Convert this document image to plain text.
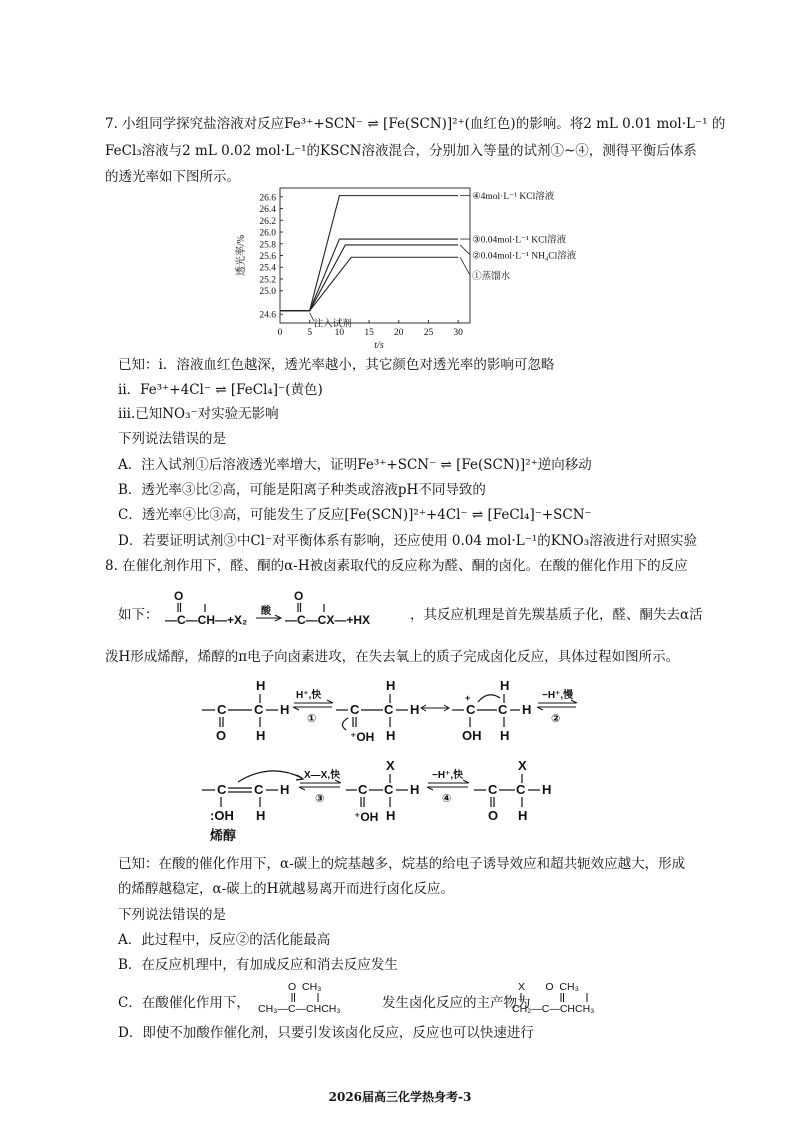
7. 小组同学探究盐溶液对反应Fe³⁺+SCN⁻ ⇌ [Fe(SCN)]²⁺(血红色)的影响。将2 mL 0.01 mol·L⁻¹ 的
FeCl₃溶液与2 mL 0.02 mol·L⁻¹的KSCN溶液混合，分别加入等量的试剂①~④，测得平衡后体系
的透光率如下图所示。
24.6
25.0
25.2
25.4
25.6
25.8
26.0
26.2
26.4
26.6
0	5 10 15 20 25 30
t/s
透光率/%
④4mol·L⁻¹ KCl溶液
③0.04mol·L⁻¹ KCl溶液
②0.04mol·L⁻¹ NH₄Cl溶液
①蒸馏水
注入试剂
已知：i．溶液血红色越深，透光率越小，其它颜色对透光率的影响可忽略
ii．Fe³⁺+4Cl⁻ ⇌ [FeCl₄]⁻(黄色)
iii.已知NO₃⁻对实验无影响
下列说法错误的是
A．注入试剂①后溶液透光率增大，证明Fe³⁺+SCN⁻ ⇌ [Fe(SCN)]²⁺逆向移动
B．透光率③比②高，可能是阳离子种类或溶液pH不同导致的
C．透光率④比③高，可能发生了反应[Fe(SCN)]²⁺+4Cl⁻ ⇌ [FeCl₄]⁻+SCN⁻
D．若要证明试剂③中Cl⁻对平衡体系有影响，还应使用 0.04 mol·L⁻¹的KNO₃溶液进行对照实验
8. 在催化剂作用下，醛、酮的α-H被卤素取代的反应称为醛、酮的卤化。在酸的催化作用下的反应
如下：
O
—C—CH—+X₂
酸
O
—C—CX—+HX	，其反应机理是首先羰基质子化，醛、酮失去α活
泼H形成烯醇，烯醇的π电子向卤素进攻，在失去氧上的质子完成卤化反应，具体过程如图所示。
H
C C H
O H
H⁺,快
①
H
C C H
⁺OH H
H
C
+
C H
OH H
−H⁺,慢
②
C C H
:OH H
烯醇
X—X,快
③
X
C C H
⁺OH H
−H⁺,快
④
X
C C H
O H
已知：在酸的催化作用下，α-碳上的烷基越多，烷基的给电子诱导效应和超共轭效应越大，形成
的烯醇越稳定，α-碳上的H就越易离开而进行卤化反应。
下列说法错误的是
A．此过程中，反应②的活化能最高
B．在反应机理中，有加成反应和消去反应发生
C．在酸催化作用下，
O  CH₃
CH₃—C—CHCH₃	发生卤化反应的主产物为
X       O  CH₃
CH₂—C—CHCH₃
D．即使不加酸作催化剂，只要引发该卤化反应，反应也可以快速进行
2026届高三化学热身考-3
